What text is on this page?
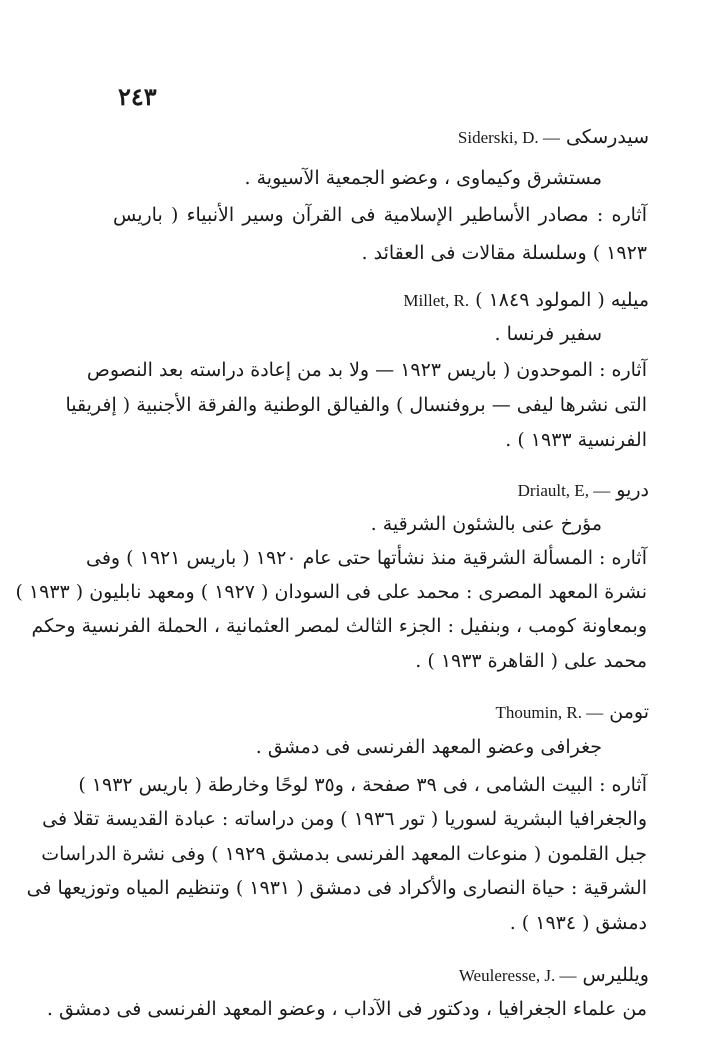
٢٤٣
سيدرسكى Siderski, D. —
مستشرق وكيماوى ، وعضو الجمعية الآسيوية .
آثاره : مصادر الأساطير الإسلامية فى القرآن وسير الأنبياء ( باريس
١٩٢٣ ) وسلسلة مقالات فى العقائد .
ميليه ( المولود ١٨٤٩ ) Millet, R.
سفير فرنسا .
آثاره : الموحدون ( باريس ١٩٢٣ — ولا بد من إعادة دراسته بعد النصوص
التى نشرها ليفى — بروفنسال ) والفيالق الوطنية والفرقة الأجنبية ( إفريقيا
الفرنسية ١٩٣٣ ) .
دريو Driault, E, —
مؤرخ عنى بالشئون الشرقية .
آثاره : المسألة الشرقية منذ نشأتها حتى عام ١٩٢٠ ( باريس ١٩٢١ ) وفى
نشرة المعهد المصرى : محمد على فى السودان ( ١٩٢٧ ) ومعهد نابليون ( ١٩٣٣ )
وبمعاونة كومب ، وبنفيل : الجزء الثالث لمصر العثمانية ، الحملة الفرنسية وحكم
محمد على ( القاهرة ١٩٣٣ ) .
تومن Thoumin, R. —
جغرافى وعضو المعهد الفرنسى فى دمشق .
آثاره : البيت الشامى ، فى ٣٩ صفحة ، و٣٥ لوحًا وخارطة ( باريس ١٩٣٢ )
والجغرافيا البشرية لسوريا ( تور ١٩٣٦ ) ومن دراساته : عبادة القديسة تقلا فى
جبل القلمون ( منوعات المعهد الفرنسى بدمشق ١٩٢٩ ) وفى نشرة الدراسات
الشرقية : حياة النصارى والأكراد فى دمشق ( ١٩٣١ ) وتنظيم المياه وتوزيعها فى
دمشق ( ١٩٣٤ ) .
ويلليرس Weuleresse, J. —
من علماء الجغرافيا ، ودكتور فى الآداب ، وعضو المعهد الفرنسى فى دمشق .
